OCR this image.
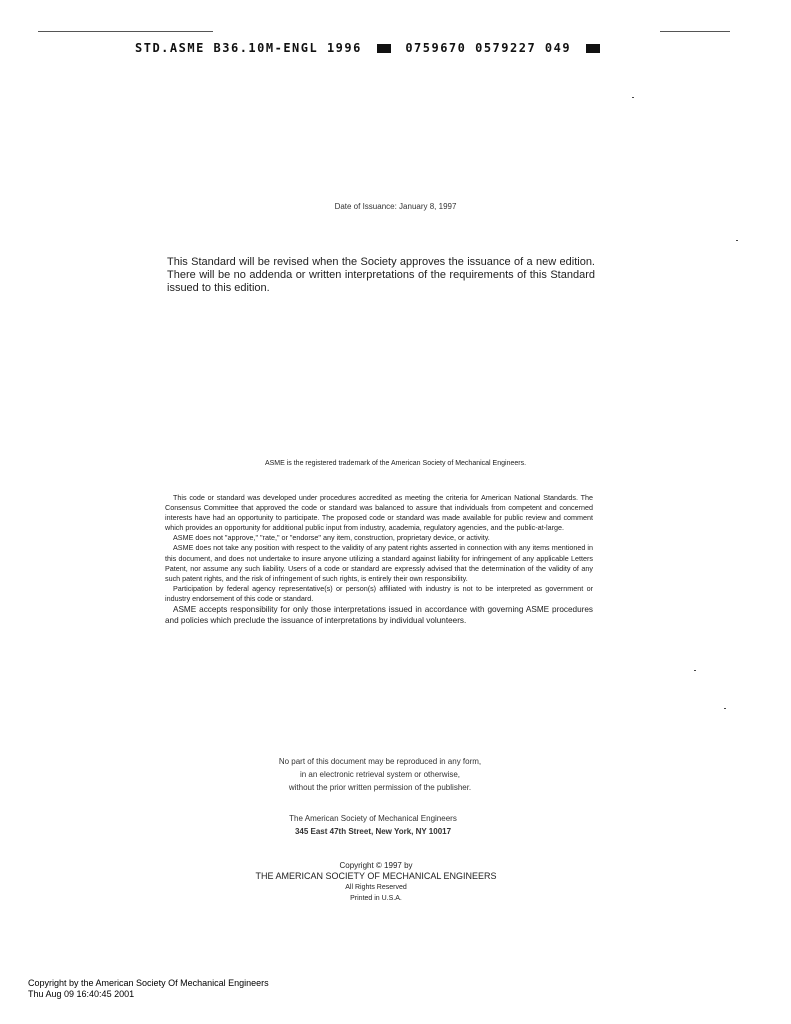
STD.ASME B36.10M-ENGL 1996	0759670 0579227 049
Date of Issuance: January 8, 1997
This Standard will be revised when the Society approves the issuance of a new edition. There will be no addenda or written interpretations of the requirements of this Standard issued to this edition.
ASME is the registered trademark of the American Society of Mechanical Engineers.

This code or standard was developed under procedures accredited as meeting the criteria for American National Standards. The Consensus Committee that approved the code or standard was balanced to assure that individuals from competent and concerned interests have had an opportunity to participate. The proposed code or standard was made available for public review and comment which provides an opportunity for additional public input from industry, academia, regulatory agencies, and the public-at-large.

ASME does not "approve," "rate," or "endorse" any item, construction, proprietary device, or activity.

ASME does not take any position with respect to the validity of any patent rights asserted in connection with any items mentioned in this document, and does not undertake to insure anyone utilizing a standard against liability for infringement of any applicable Letters Patent, nor assume any such liability. Users of a code or standard are expressly advised that the determination of the validity of any such patent rights, and the risk of infringement of such rights, is entirely their own responsibility.

Participation by federal agency representative(s) or person(s) affiliated with industry is not to be interpreted as government or industry endorsement of this code or standard.

ASME accepts responsibility for only those interpretations issued in accordance with governing ASME procedures and policies which preclude the issuance of interpretations by individual volunteers.

No part of this document may be reproduced in any form,
in an electronic retrieval system or otherwise,
without the prior written permission of the publisher.
The American Society of Mechanical Engineers
345 East 47th Street, New York, NY 10017
Copyright © 1997 by
THE AMERICAN SOCIETY OF MECHANICAL ENGINEERS
All Rights Reserved
Printed in U.S.A.
Copyright by the American Society Of Mechanical Engineers
Thu Aug 09 16:40:45 2001
